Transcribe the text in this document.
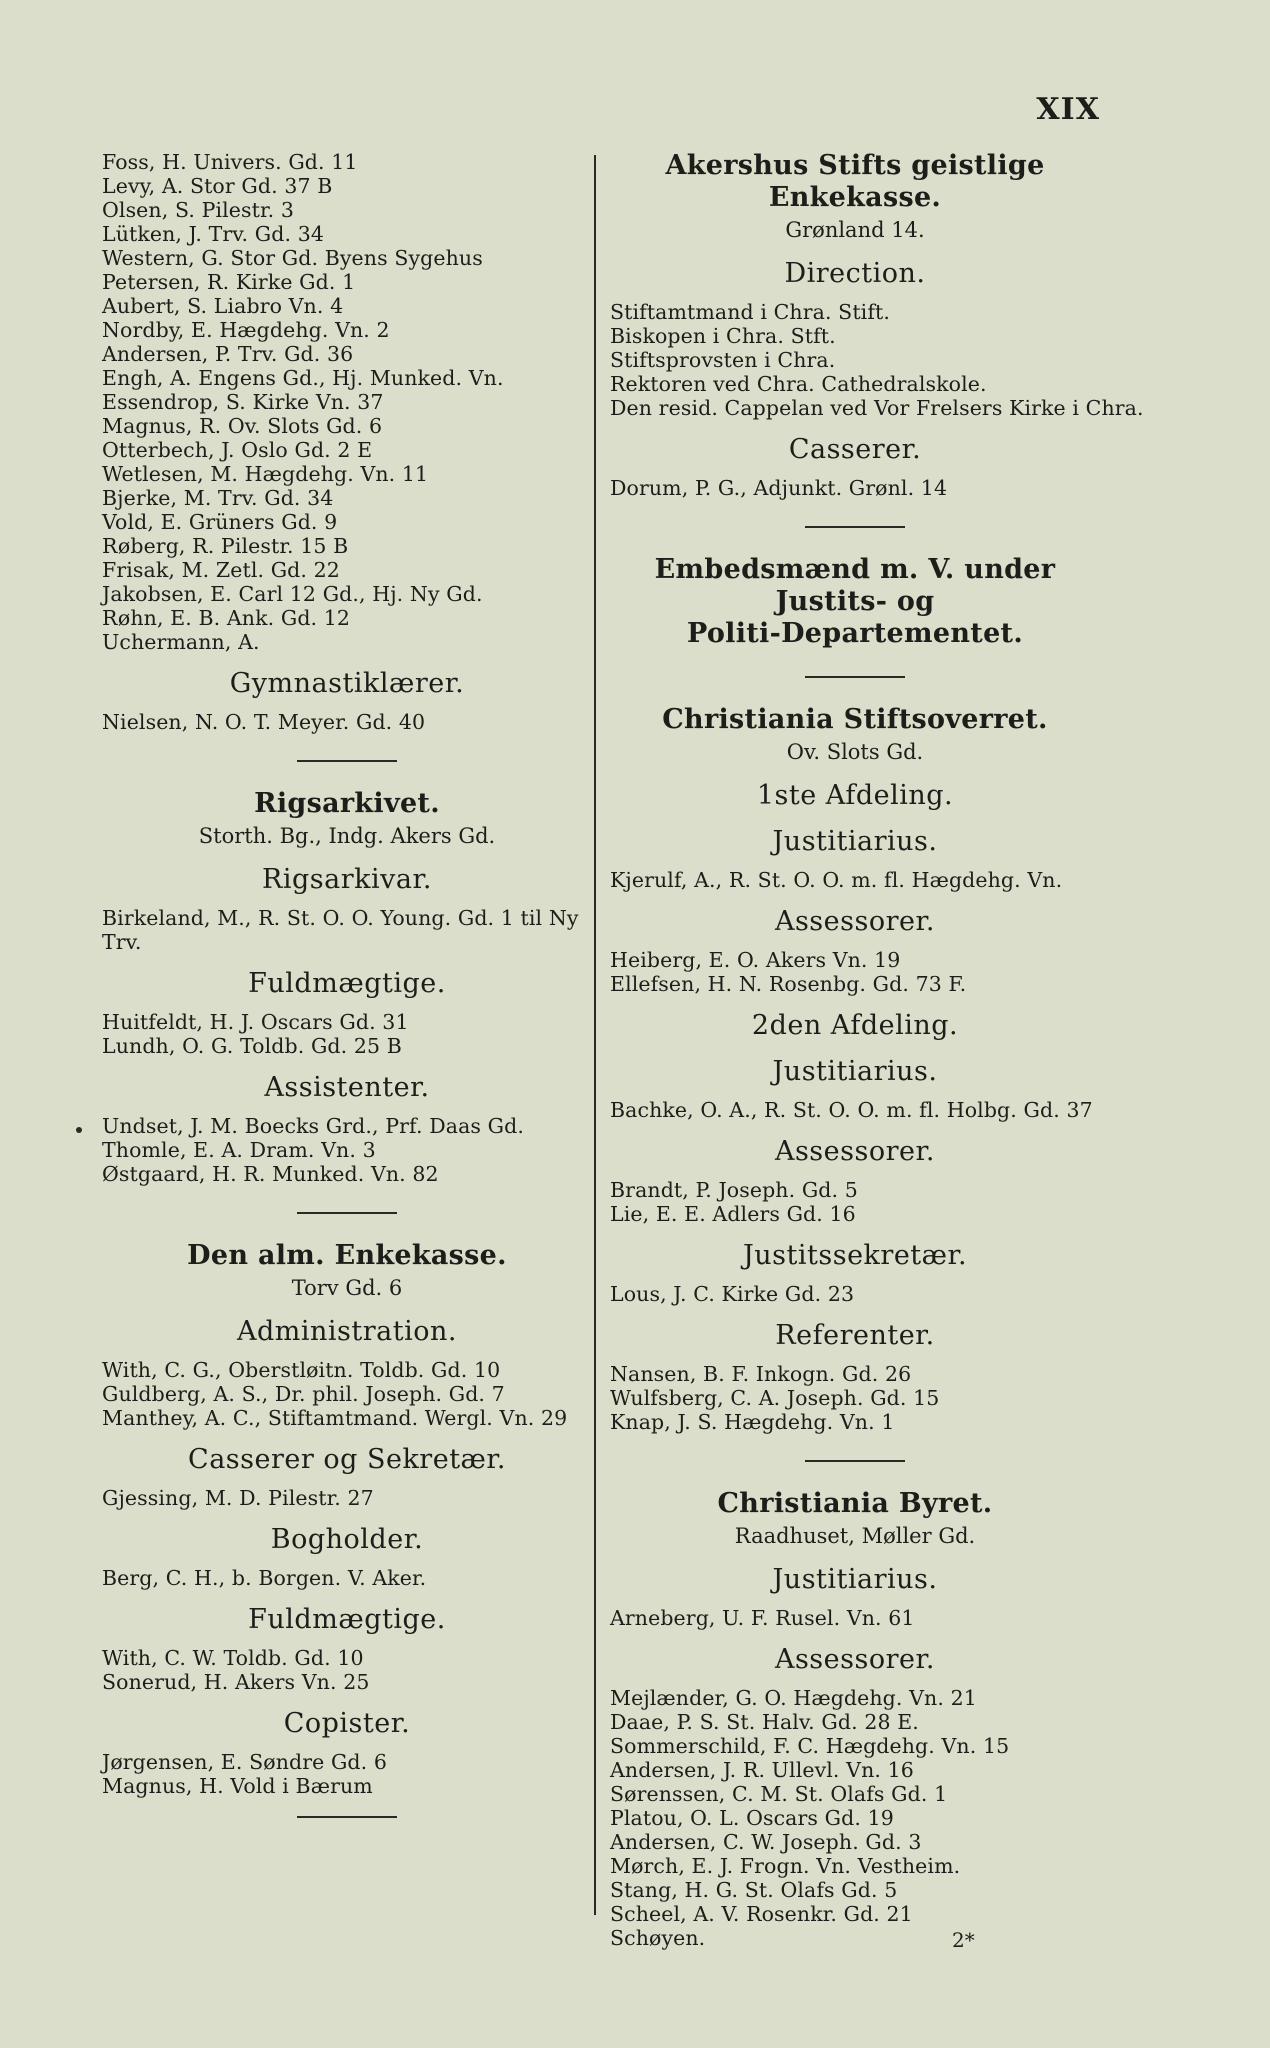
XIX
Foss, H. Univers. Gd. 11
Levy, A. Stor Gd. 37 B
Olsen, S. Pilestr. 3
Lütken, J. Trv. Gd. 34
Western, G. Stor Gd. Byens Sygehus
Petersen, R. Kirke Gd. 1
Aubert, S. Liabro Vn. 4
Nordby, E. Hægdehg. Vn. 2
Andersen, P. Trv. Gd. 36
Engh, A. Engens Gd., Hj. Munked. Vn.
Essendrop, S. Kirke Vn. 37
Magnus, R. Ov. Slots Gd. 6
Otterbech, J. Oslo Gd. 2 E
Wetlesen, M. Hægdehg. Vn. 11
Bjerke, M. Trv. Gd. 34
Vold, E. Grüners Gd. 9
Røberg, R. Pilestr. 15 B
Frisak, M. Zetl. Gd. 22
Jakobsen, E. Carl 12 Gd., Hj. Ny Gd.
Røhn, E. B. Ank. Gd. 12
Uchermann, A.
Gymnastiklærer.
Nielsen, N. O. T. Meyer. Gd. 40
Rigsarkivet.
Storth. Bg., Indg. Akers Gd.
Rigsarkivar.
Birkeland, M., R. St. O. O. Young. Gd. 1 til Ny Trv.
Fuldmægtige.
Huitfeldt, H. J. Oscars Gd. 31
Lundh, O. G. Toldb. Gd. 25 B
Assistenter.
Undset, J. M. Boecks Grd., Prf. Daas Gd.
Thomle, E. A. Dram. Vn. 3
Østgaard, H. R. Munked. Vn. 82
Den alm. Enkekasse.
Torv Gd. 6
Administration.
With, C. G., Oberstløitn. Toldb. Gd. 10
Guldberg, A. S., Dr. phil. Joseph. Gd. 7
Manthey, A. C., Stiftamtmand. Wergl. Vn. 29
Casserer og Sekretær.
Gjessing, M. D. Pilestr. 27
Bogholder.
Berg, C. H., b. Borgen. V. Aker.
Fuldmægtige.
With, C. W. Toldb. Gd. 10
Sonerud, H. Akers Vn. 25
Copister.
Jørgensen, E. Søndre Gd. 6
Magnus, H. Vold i Bærum
Akershus Stifts geistlige Enkekasse.
Grønland 14.
Direction.
Stiftamtmand i Chra. Stift.
Biskopen i Chra. Stft.
Stiftsprovsten i Chra.
Rektoren ved Chra. Cathedralskole.
Den resid. Cappelan ved Vor Frelsers Kirke i Chra.
Casserer.
Dorum, P. G., Adjunkt. Grønl. 14
Embedsmænd m. V. under Justits- og
Politi-Departementet.
Christiania Stiftsoverret.
Ov. Slots Gd.
1ste Afdeling.
Justitiarius.
Kjerulf, A., R. St. O. O. m. fl. Hægdehg. Vn.
Assessorer.
Heiberg, E. O. Akers Vn. 19
Ellefsen, H. N. Rosenbg. Gd. 73 F.
2den Afdeling.
Justitiarius.
Bachke, O. A., R. St. O. O. m. fl. Holbg. Gd. 37
Assessorer.
Brandt, P. Joseph. Gd. 5
Lie, E. E. Adlers Gd. 16
Justitssekretær.
Lous, J. C. Kirke Gd. 23
Referenter.
Nansen, B. F. Inkogn. Gd. 26
Wulfsberg, C. A. Joseph. Gd. 15
Knap, J. S. Hægdehg. Vn. 1
Christiania Byret.
Raadhuset, Møller Gd.
Justitiarius.
Arneberg, U. F. Rusel. Vn. 61
Assessorer.
Mejlænder, G. O. Hægdehg. Vn. 21
Daae, P. S. St. Halv. Gd. 28 E.
Sommerschild, F. C. Hægdehg. Vn. 15
Andersen, J. R. Ullevl. Vn. 16
Sørenssen, C. M. St. Olafs Gd. 1
Platou, O. L. Oscars Gd. 19
Andersen, C. W. Joseph. Gd. 3
Mørch, E. J. Frogn. Vn. Vestheim.
Stang, H. G. St. Olafs Gd. 5
Scheel, A. V. Rosenkr. Gd. 21
Schøyen.	2*
